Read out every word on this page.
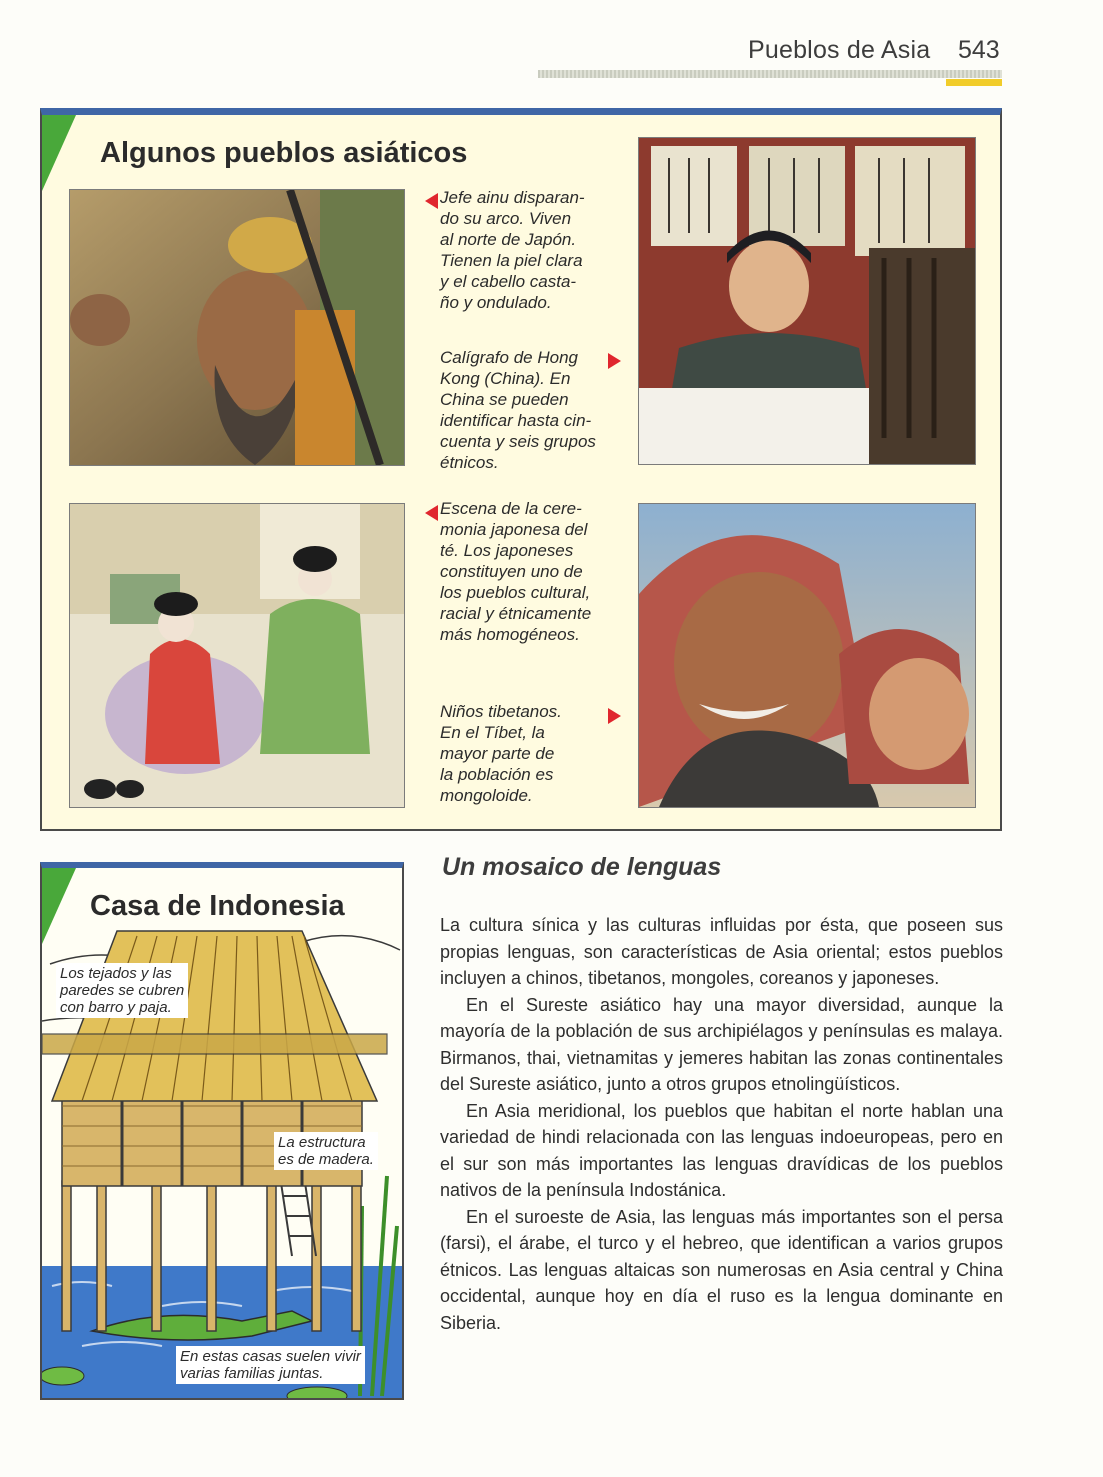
Pueblos de Asia 543
Algunos pueblos asiáticos
Jefe ainu disparan-
do su arco. Viven
al norte de Japón.
Tienen la piel clara
y el cabello casta-
ño y ondulado.
Calígrafo de Hong
Kong (China). En
China se pueden
identificar hasta cin-
cuenta y seis grupos
étnicos.
Escena de la cere-
monia japonesa del
té. Los japoneses
constituyen uno de
los pueblos cultural,
racial y étnicamente
más homogéneos.
Niños tibetanos.
En el Tíbet, la
mayor parte de
la población es
mongoloide.
Casa de Indonesia
Los tejados y las
paredes se cubren
con barro y paja.
La estructura
es de madera.
En estas casas suelen vivir
varias familias juntas.
Un mosaico de lenguas

La cultura sínica y las culturas influidas por ésta, que poseen sus propias lenguas, son características de Asia oriental; estos pueblos incluyen a chinos, tibetanos, mongoles, coreanos y japoneses.

En el Sureste asiático hay una mayor diversidad, aunque la mayoría de la población de sus archipiélagos y penínsulas es malaya. Birmanos, thai, vietnamitas y jemeres habitan las zonas continentales del Sureste asiático, junto a otros grupos etnolingüísticos.

En Asia meridional, los pueblos que habitan el norte hablan una variedad de hindi relacionada con las lenguas indoeuropeas, pero en el sur son más importantes las lenguas dravídicas de los pueblos nativos de la península Indostánica.

En el suroeste de Asia, las lenguas más importantes son el persa (farsi), el árabe, el turco y el hebreo, que identifican a varios grupos étnicos. Las lenguas altaicas son numerosas en Asia central y China occidental, aunque hoy en día el ruso es la lengua dominante en Siberia.
